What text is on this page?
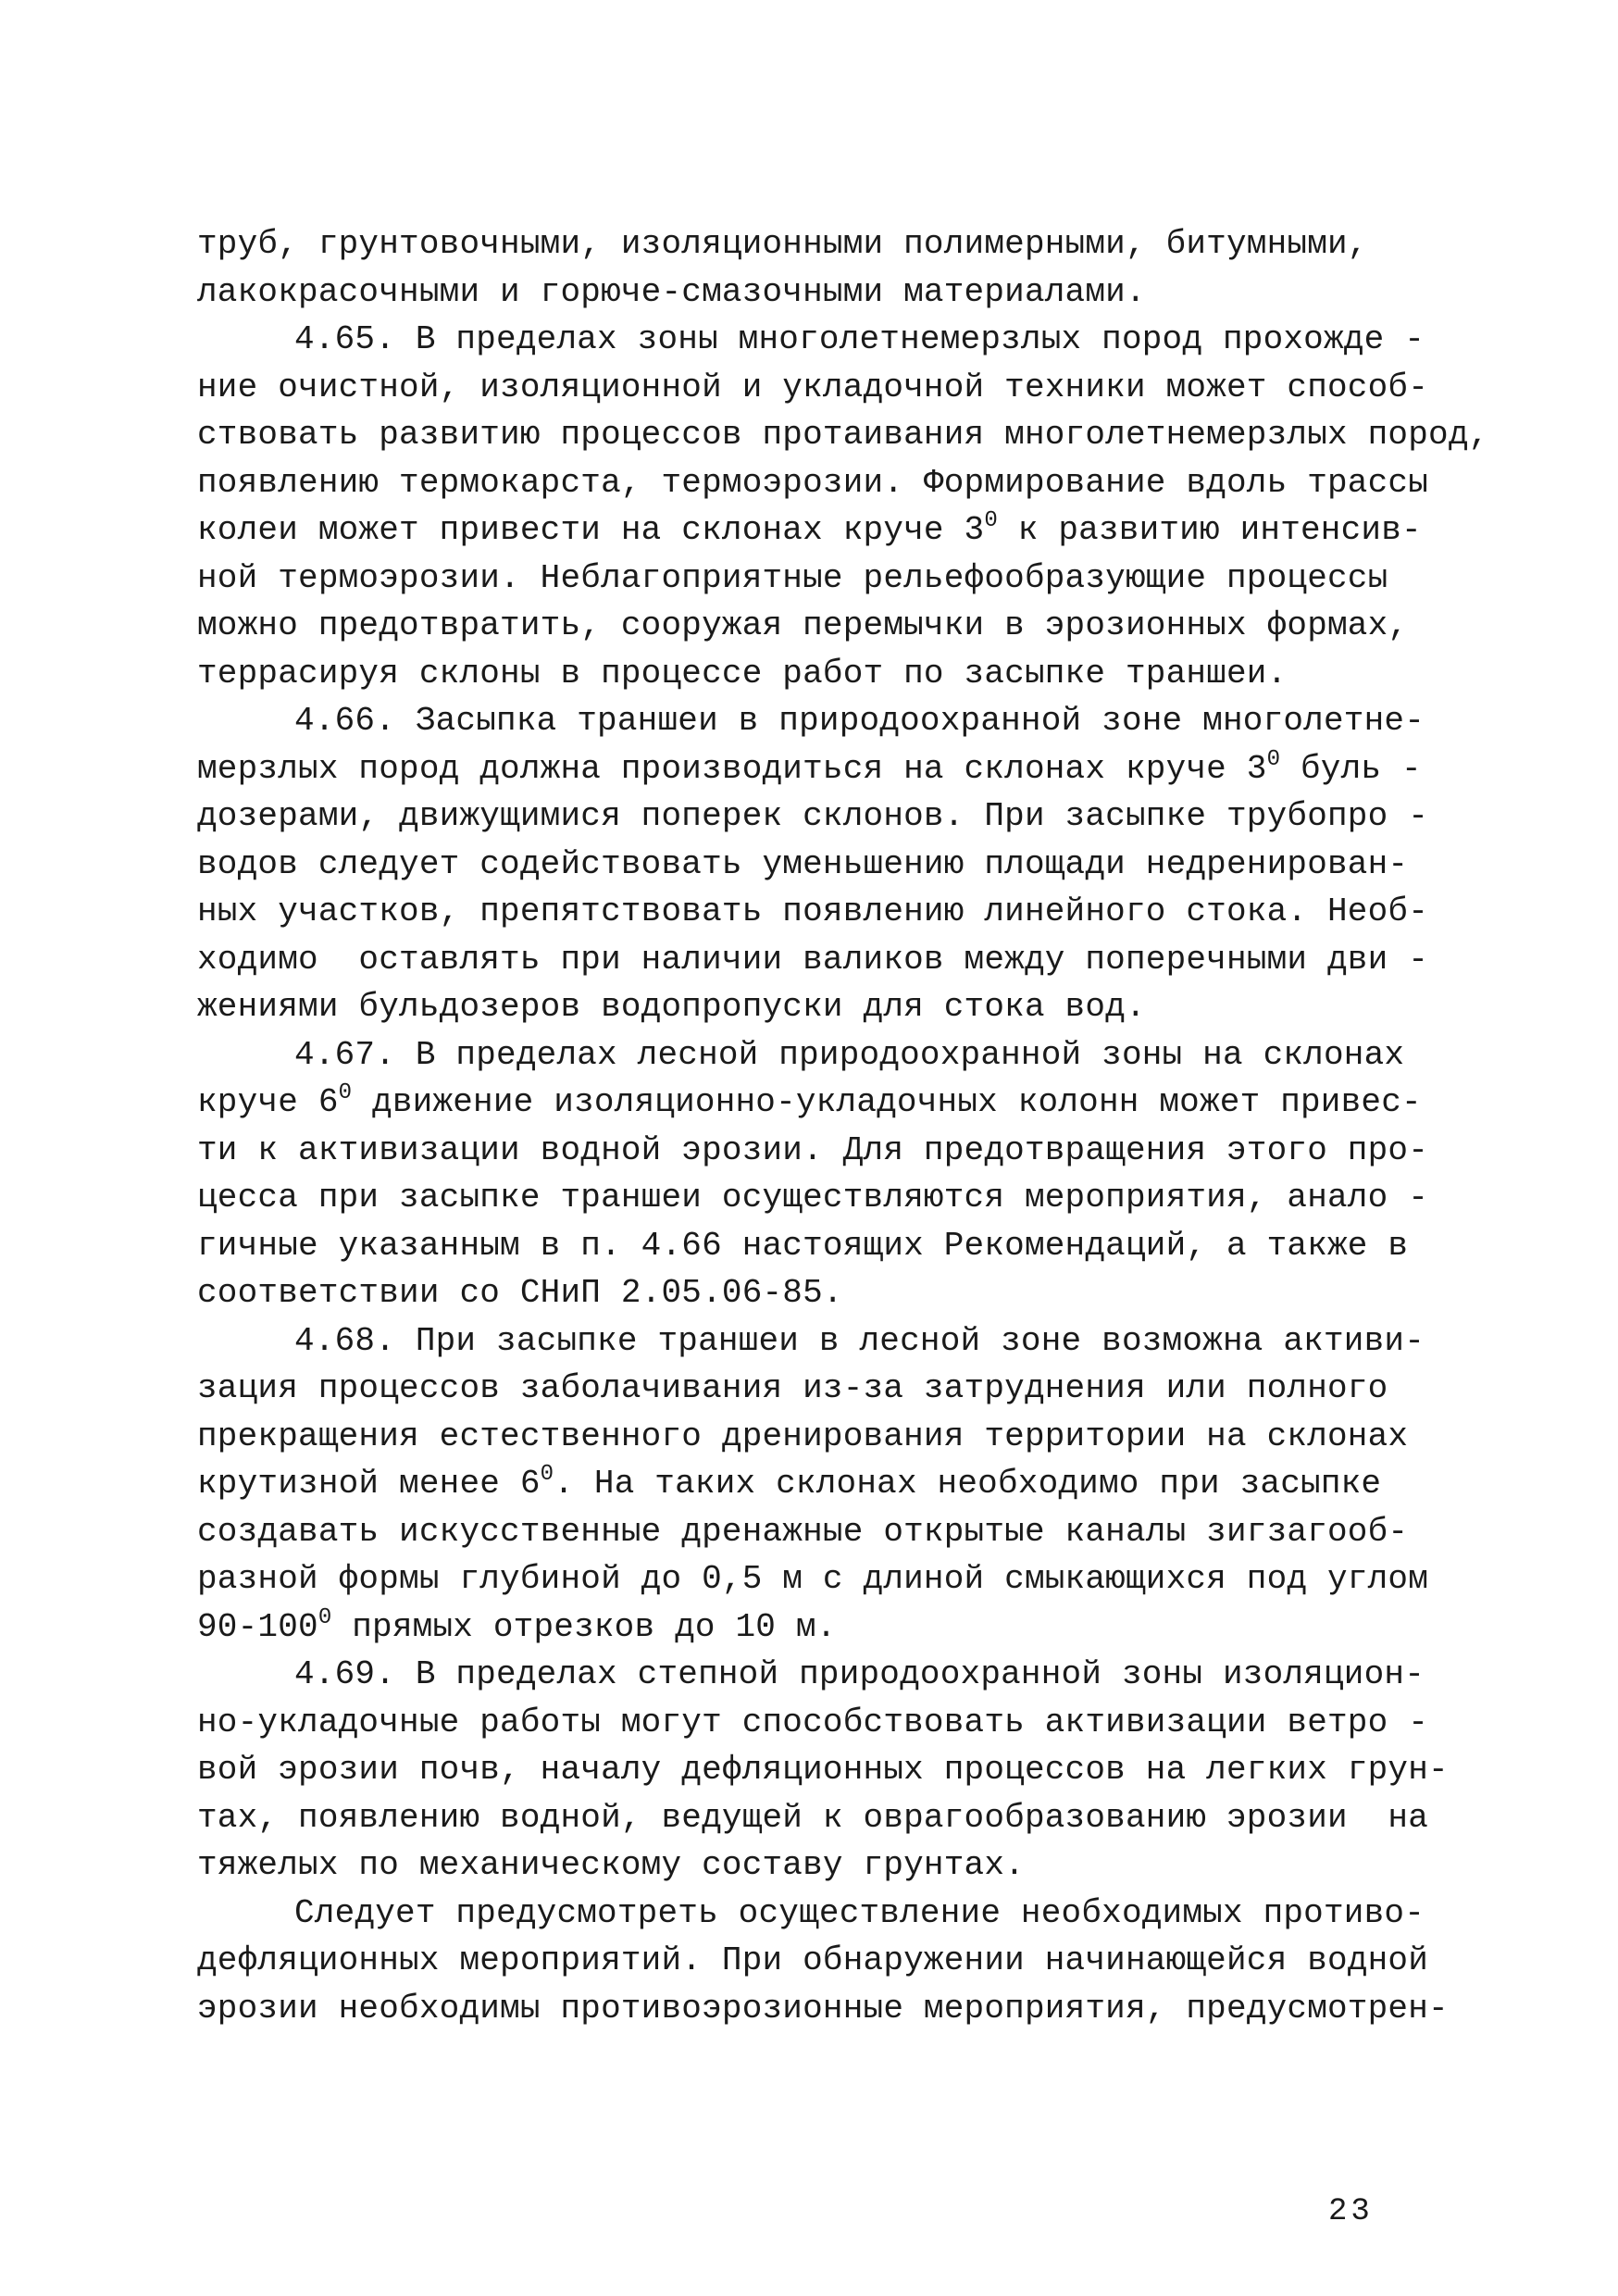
труб, грунтовочными, изоляционными полимерными, битумными,
лакокрасочными и горюче-смазочными материалами.
4.65. В пределах зоны многолетнемерзлых пород прохожде -
ние очистной, изоляционной и укладочной техники может способ-
ствовать развитию процессов протаивания многолетнемерзлых пород,
появлению термокарста, термоэрозии. Формирование вдоль трассы
колеи может привести на склонах круче $3^0$ к развитию интенсив-
ной термоэрозии. Неблагоприятные рельефообразующие процессы
можно предотвратить, сооружая перемычки в эрозионных формах,
террасируя склоны в процессе работ по засыпке траншеи.
4.66. Засыпка траншеи в природоохранной зоне многолетне-
мерзлых пород должна производиться на склонах круче $3^0$ буль -
дозерами, движущимися поперек склонов. При засыпке трубопро -
водов следует содействовать уменьшению площади недренирован-
ных участков, препятствовать появлению линейного стока. Необ-
ходимо  оставлять при наличии валиков между поперечными дви -
жениями бульдозеров водопропуски для стока вод.
4.67. В пределах лесной природоохранной зоны на склонах
круче $6^0$ движение изоляционно-укладочных колонн может привес-
ти к активизации водной эрозии. Для предотвращения этого про-
цесса при засыпке траншеи осуществляются мероприятия, анало -
гичные указанным в п. 4.66 настоящих Рекомендаций, а также в
соответствии со СНиП 2.05.06-85.
4.68. При засыпке траншеи в лесной зоне возможна активи-
зация процессов заболачивания из-за затруднения или полного
прекращения естественного дренирования территории на склонах
крутизной менее $6^0$. На таких склонах необходимо при засыпке
создавать искусственные дренажные открытые каналы зигзагооб-
разной формы глубиной до 0,5 м с длиной смыкающихся под углом
$90-100^0$ прямых отрезков до 10 м.
4.69. В пределах степной природоохранной зоны изоляцион-
но-укладочные работы могут способствовать активизации ветро -
вой эрозии почв, началу дефляционных процессов на легких грун-
тах, появлению водной, ведущей к оврагообразованию эрозии  на
тяжелых по механическому составу грунтах.
Следует предусмотреть осуществление необходимых противо-
дефляционных мероприятий. При обнаружении начинающейся водной
эрозии необходимы противоэрозионные мероприятия, предусмотрен-
23
